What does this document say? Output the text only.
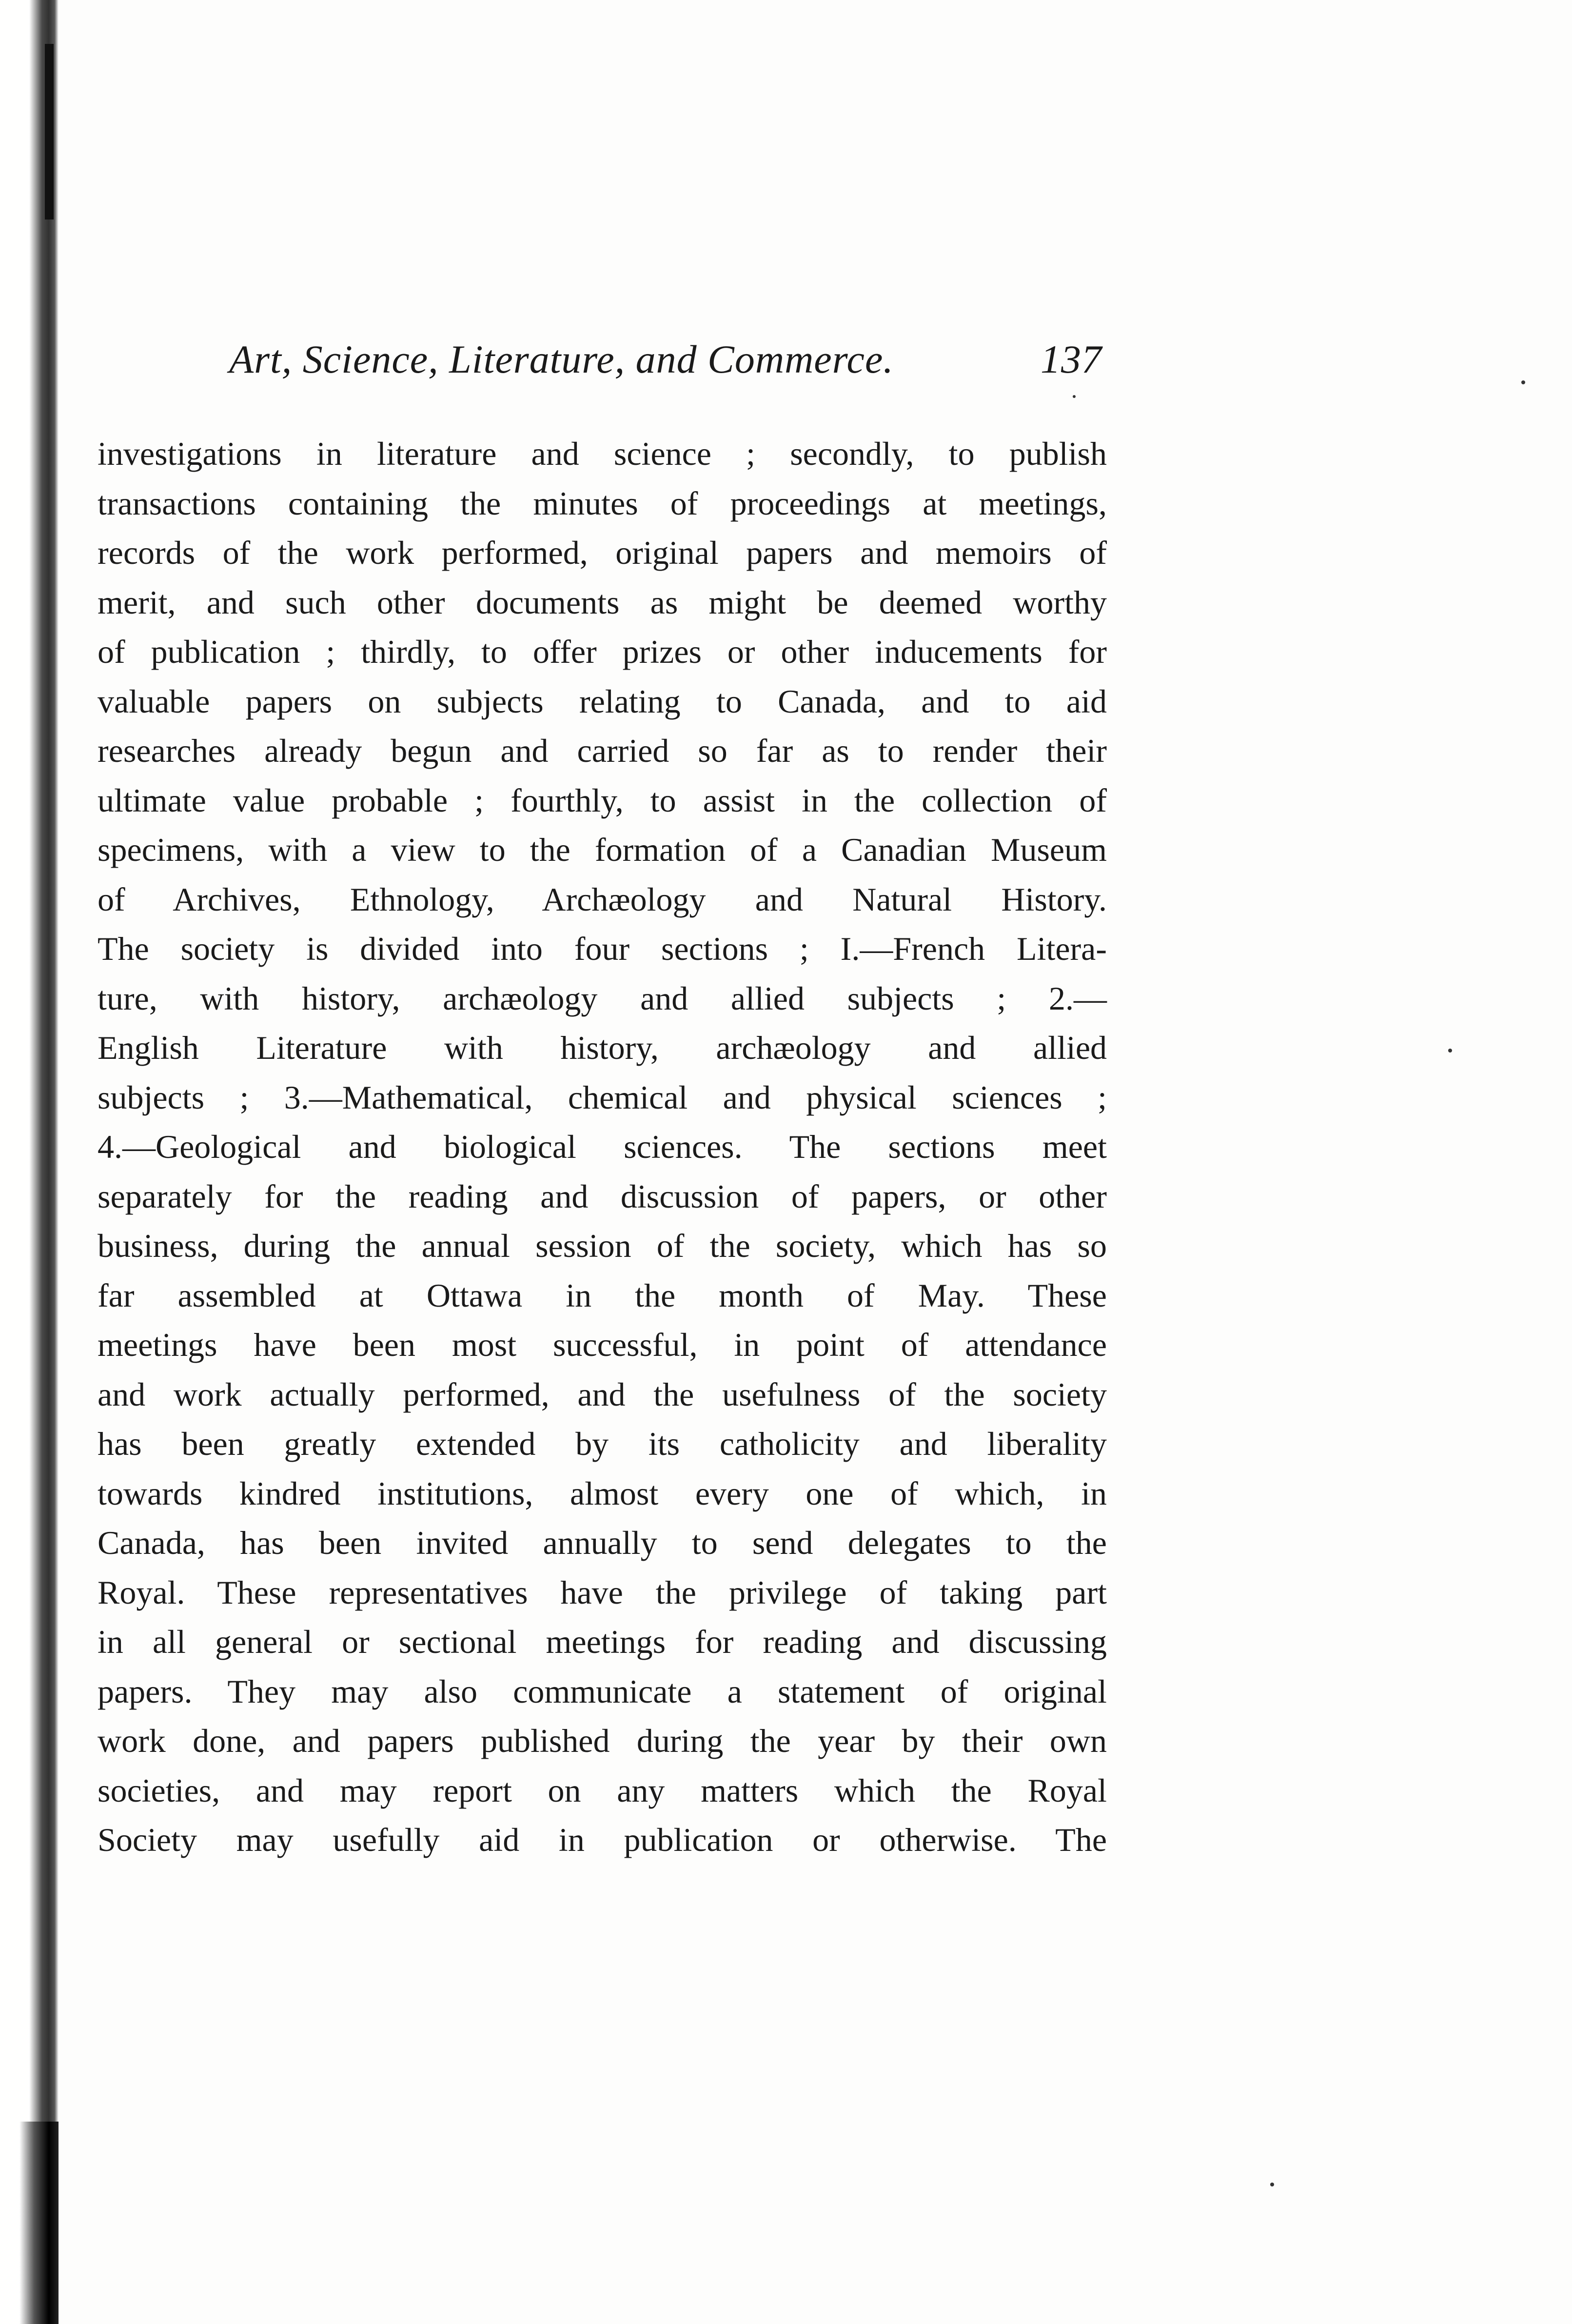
Art, Science, Literature, and Commerce.	137
investigations in literature and science ; secondly, to publish
transactions containing the minutes of proceedings at meetings,
records of the work performed, original papers and memoirs of
merit, and such other documents as might be deemed worthy
of publication ; thirdly, to offer prizes or other inducements for
valuable papers on subjects relating to Canada, and to aid
researches already begun and carried so far as to render their
ultimate value probable ; fourthly, to assist in the collection of
specimens, with a view to the formation of a Canadian Museum
of Archives, Ethnology, Archæology and Natural History.
The society is divided into four sections ; I.—French Litera-
ture, with history, archæology and allied subjects ; 2.—
English Literature with history, archæology and allied
subjects ; 3.—Mathematical, chemical and physical sciences ;
4.—Geological and biological sciences. The sections meet
separately for the reading and discussion of papers, or other
business, during the annual session of the society, which has so
far assembled at Ottawa in the month of May. These
meetings have been most successful, in point of attendance
and work actually performed, and the usefulness of the society
has been greatly extended by its catholicity and liberality
towards kindred institutions, almost every one of which, in
Canada, has been invited annually to send delegates to the
Royal. These representatives have the privilege of taking part
in all general or sectional meetings for reading and discussing
papers. They may also communicate a statement of original
work done, and papers published during the year by their own
societies, and may report on any matters which the Royal
Society may usefully aid in publication or otherwise. The
